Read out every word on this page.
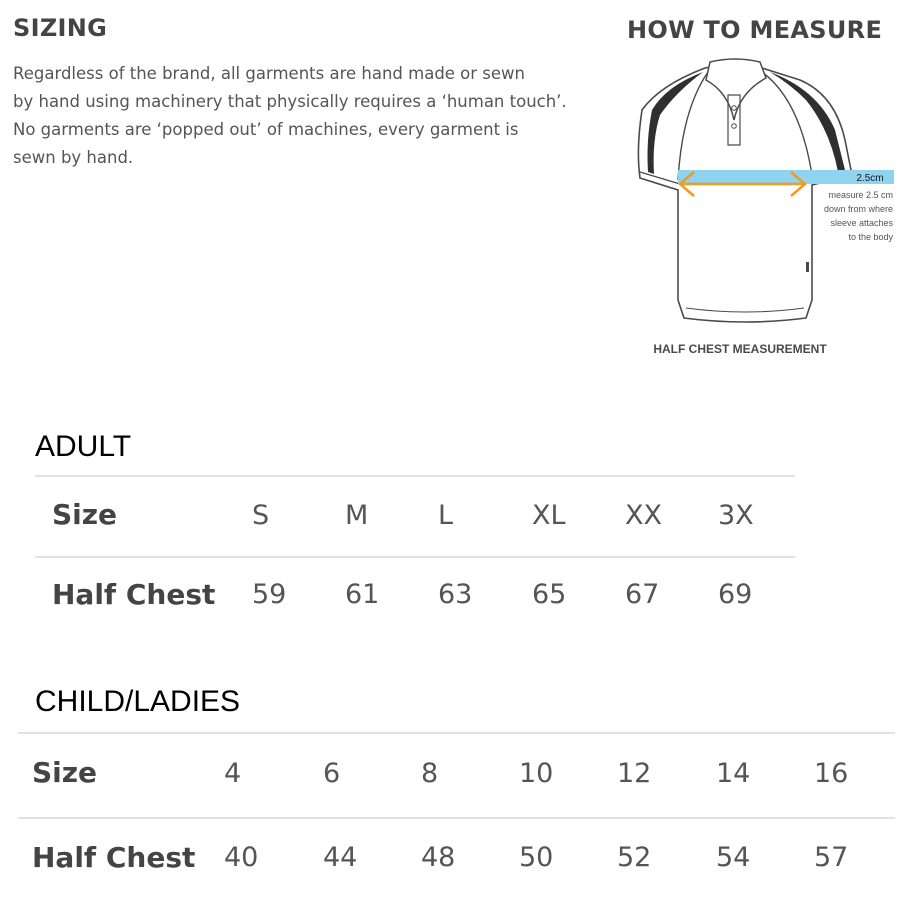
SIZING
Regardless of the brand, all garments are hand made or sewn
by hand using machinery that physically requires a ‘human touch’.
No garments are ‘popped out’ of machines, every garment is
sewn by hand.
HOW TO MEASURE
2.5cm
measure 2.5 cm
down from where
sleeve attaches
to the body
HALF CHEST MEASUREMENT
ADULT
Size	S	M	L	XL XX 3X
Half Chest 59 61 63 65 67 69
CHILD/LADIES
Size	4	6	8	10 12 14 16
Half Chest 40 44 48 50 52 54 57
